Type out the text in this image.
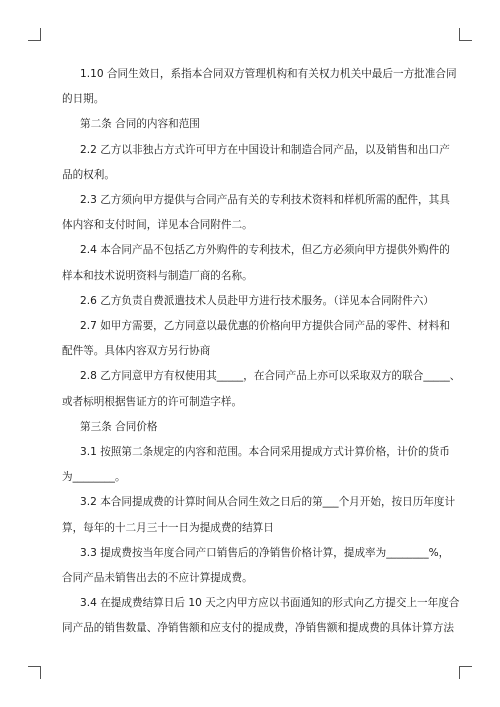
1.10 合同生效日，系指本合同双方管理机构和有关权力机关中最后一方批准合同
的日期。
第二条 合同的内容和范围
2.2 乙方以非独占方式许可甲方在中国设计和制造合同产品，以及销售和出口产
品的权利。
2.3 乙方须向甲方提供与合同产品有关的专利技术资料和样机所需的配件，其具
体内容和支付时间，详见本合同附件二。
2.4 本合同产品不包括乙方外购件的专利技术，但乙方必须向甲方提供外购件的
样本和技术说明资料与制造厂商的名称。
2.6 乙方负责自费派遣技术人员赴甲方进行技术服务。（详见本合同附件六）
2.7 如甲方需要，乙方同意以最优惠的价格向甲方提供合同产品的零件、材料和
配件等。具体内容双方另行协商
2.8 乙方同意甲方有权使用其_____，在合同产品上亦可以采取双方的联合_____、
或者标明根据售证方的许可制造字样。
第三条 合同价格
3.1 按照第二条规定的内容和范围。本合同采用提成方式计算价格，计价的货币
为________。
3.2 本合同提成费的计算时间从合同生效之日后的第___个月开始，按日历年度计
算，每年的十二月三十一日为提成费的结算日
3.3 提成费按当年度合同产口销售后的净销售价格计算，提成率为________%，
合同产品未销售出去的不应计算提成费。
3.4 在提成费结算日后 10 天之内甲方应以书面通知的形式向乙方提交上一年度合
同产品的销售数量、净销售额和应支付的提成费，净销售额和提成费的具体计算方法
